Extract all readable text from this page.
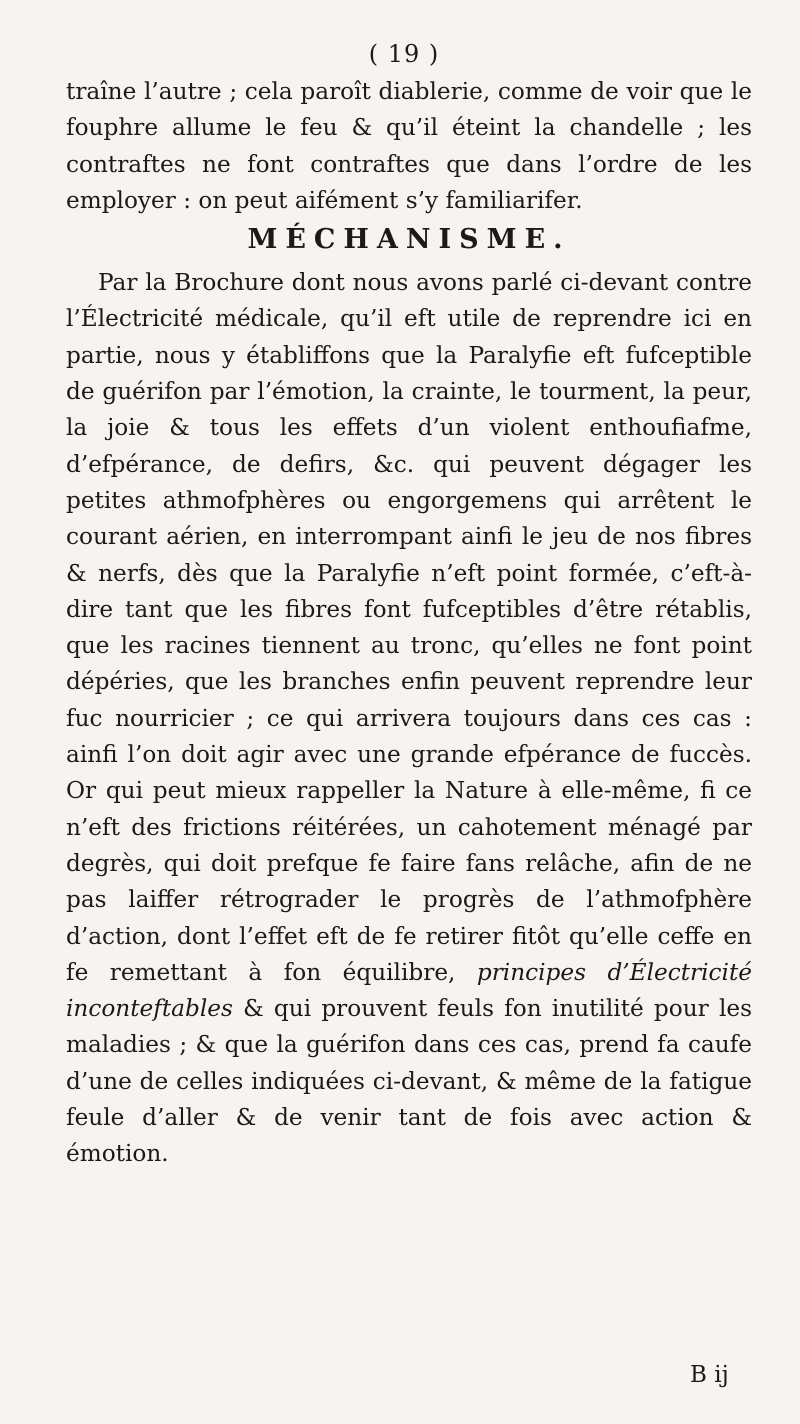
( 19 )

traîne l’autre ; cela paroît diablerie, comme de voir que le fouphre allume le feu & qu’il éteint la chandelle ; les contraftes ne font contraftes que dans l’ordre de les employer : on peut aifément s’y familiarifer.

MÉCHANISME.

Par la Brochure dont nous avons parlé ci-devant contre l’Électricité médicale, qu’il eft utile de reprendre ici en partie, nous y établiffons que la Paralyfie eft fufceptible de guérifon par l’émotion, la crainte, le tourment, la peur, la joie & tous les effets d’un violent enthoufiafme, d’efpérance, de defirs, &c. qui peuvent dégager les petites athmofphères ou engorgemens qui arrêtent le courant aérien, en interrompant ainfi le jeu de nos fibres & nerfs, dès que la Paralyfie n’eft point formée, c’eft-à-dire tant que les fibres font fufceptibles d’être rétablis, que les racines tiennent au tronc, qu’elles ne font point dépéries, que les branches enfin peuvent reprendre leur fuc nourricier ; ce qui arrivera toujours dans ces cas : ainfi l’on doit agir avec une grande efpérance de fuccès. Or qui peut mieux rappeller la Nature à elle-même, fi ce n’eft des frictions réitérées, un cahotement ménagé par degrès, qui doit prefque fe faire fans relâche, afin de ne pas laiffer rétrograder le progrès de l’athmofphère d’action, dont l’effet eft de fe retirer fitôt qu’elle ceffe en fe remettant à fon équilibre, principes d’Électricité inconteftables & qui prouvent feuls fon inutilité pour les maladies ; & que la guérifon dans ces cas, prend fa caufe d’une de celles indiquées ci-devant, & même de la fatigue feule d’aller & de venir tant de fois avec action & émotion.

B ij
